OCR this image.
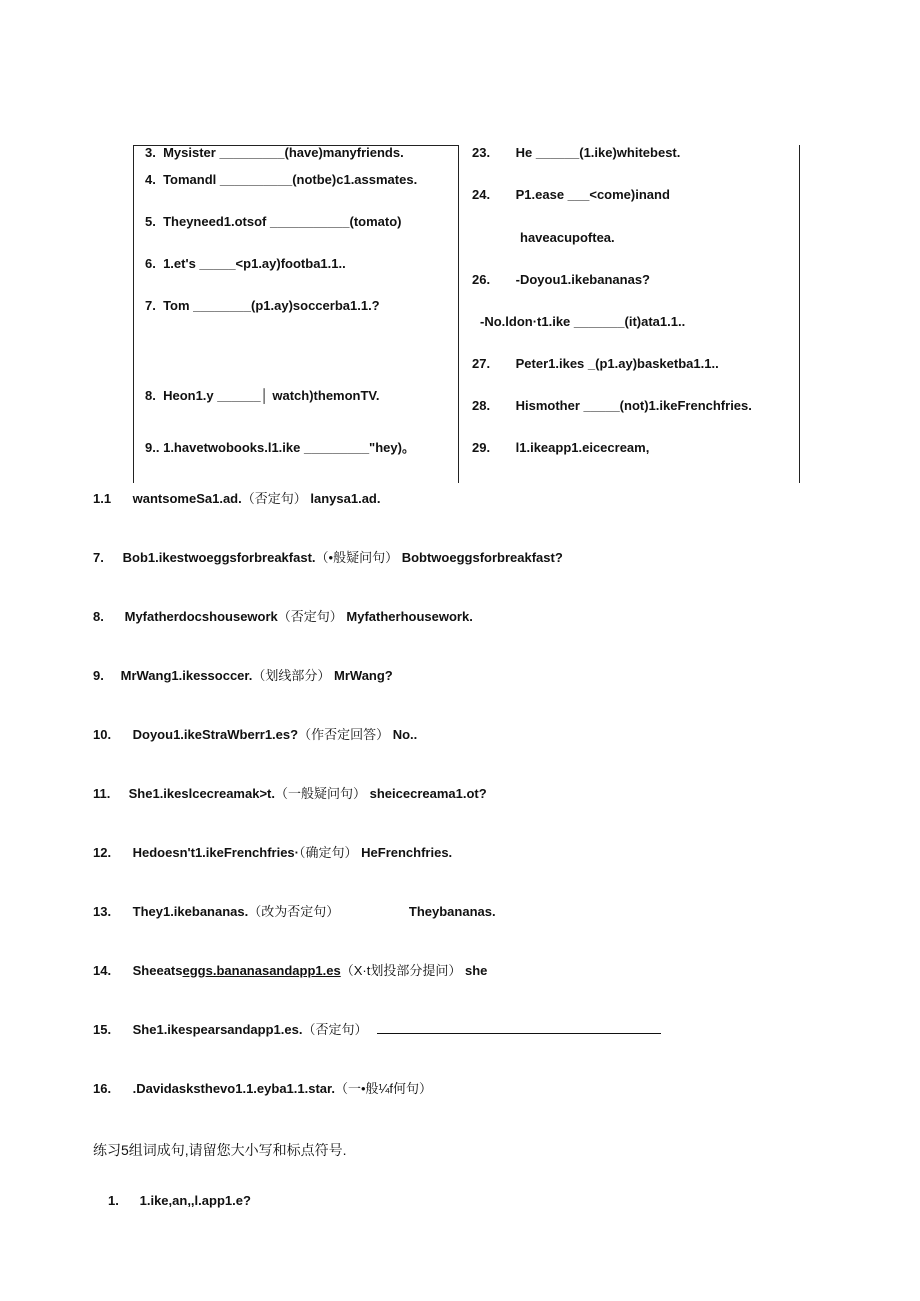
3. Mysister _________(have)manyfriends.
4. Tomandl __________(notbe)c1.assmates.
5. Theyneed1.otsof ___________(tomato)
6. 1.et's _____<p1.ay)footba1.1..
7. Tom ________(p1.ay)soccerba1.1.?
8. Heon1.y ______│ watch)themonTV.
9.. 1.havetwobooks.l1.ike _________"hey)。
23. He ______(1.ike)whitebest.
24. P1.ease ___<come)inand
haveacupoftea.
26. -Doyou1.ikebananas?
-No.ldon·t1.ike _______(it)ata1.1..
27. Peter1.ikes _(p1.ay)basketba1.1..
28. Hismother _____(not)1.ikeFrenchfries.
29. l1.ikeapp1.eicecream,
1.1 wantsomeSa1.ad.（否定句） lanysa1.ad.
7. Bob1.ikestwoeggsforbreakfast.（•般疑问句） Bobtwoeggsforbreakfast?
8. Myfatherdocshousework（否定句） Myfatherhousework.
9. MrWang1.ikessoccer.（划线部分） MrWang?
10. Doyou1.ikeStraWberr1.es?（作否定回答） No..
11. She1.ikeslcecreamak>t.（一般疑问句） sheicecreama1.ot?
12. Hedoesn't1.ikeFrenchfries·（确定句） HeFrenchfries.
13. They1.ikebananas.（改为否定句）	Theybananas.
14. Sheeatseggs.bananasandapp1.es（X·t划投部分提问） she
15. She1.ikespearsandapp1.es.（否定句）
16. .Davidasksthevo1.1.eyba1.1.star.（一•般¼f何句）
练习5组词成句,请留您大小写和标点符号.
1. 1.ike,an,,l.app1.e?
